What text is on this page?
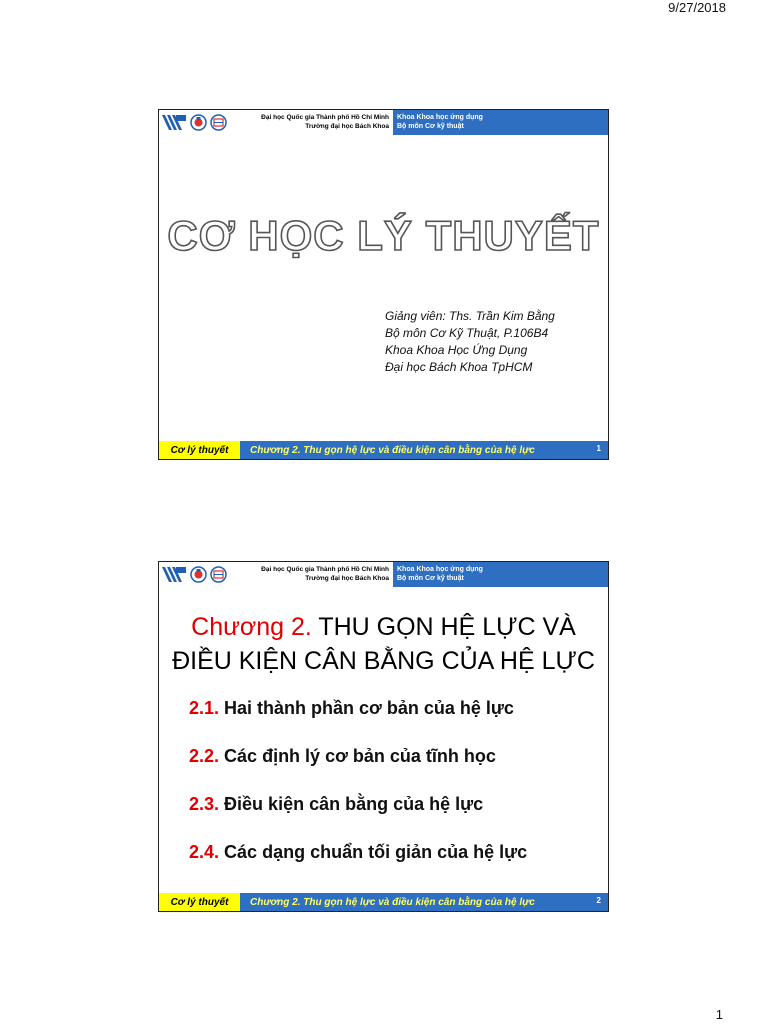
9/27/2018
Đại học Quốc gia Thành phố Hồ Chí Minh
Trường đại học Bách Khoa
Khoa Khoa học ứng dụng
Bộ môn Cơ kỹ thuật
CƠ HỌC LÝ THUYẾT
Giảng viên: Ths. Trần Kim Bằng
Bộ môn Cơ Kỹ Thuật, P.106B4
Khoa Khoa Học Ứng Dụng
Đại học Bách Khoa TpHCM
Cơ lý thuyết	Chương 2. Thu gọn hệ lực và điều kiện cân bằng của hệ lực	1
Đại học Quốc gia Thành phố Hồ Chí Minh
Trường đại học Bách Khoa
Khoa Khoa học ứng dụng
Bộ môn Cơ kỹ thuật
Chương 2. THU GỌN HỆ LỰC VÀ
ĐIỀU KIỆN CÂN BẰNG CỦA HỆ LỰC
2.1. Hai thành phần cơ bản của hệ lực
2.2. Các định lý cơ bản của tĩnh học
2.3. Điều kiện cân bằng của hệ lực
2.4. Các dạng chuẩn tối giản của hệ lực
Cơ lý thuyết	Chương 2. Thu gọn hệ lực và điều kiện cân bằng của hệ lực	2
1
